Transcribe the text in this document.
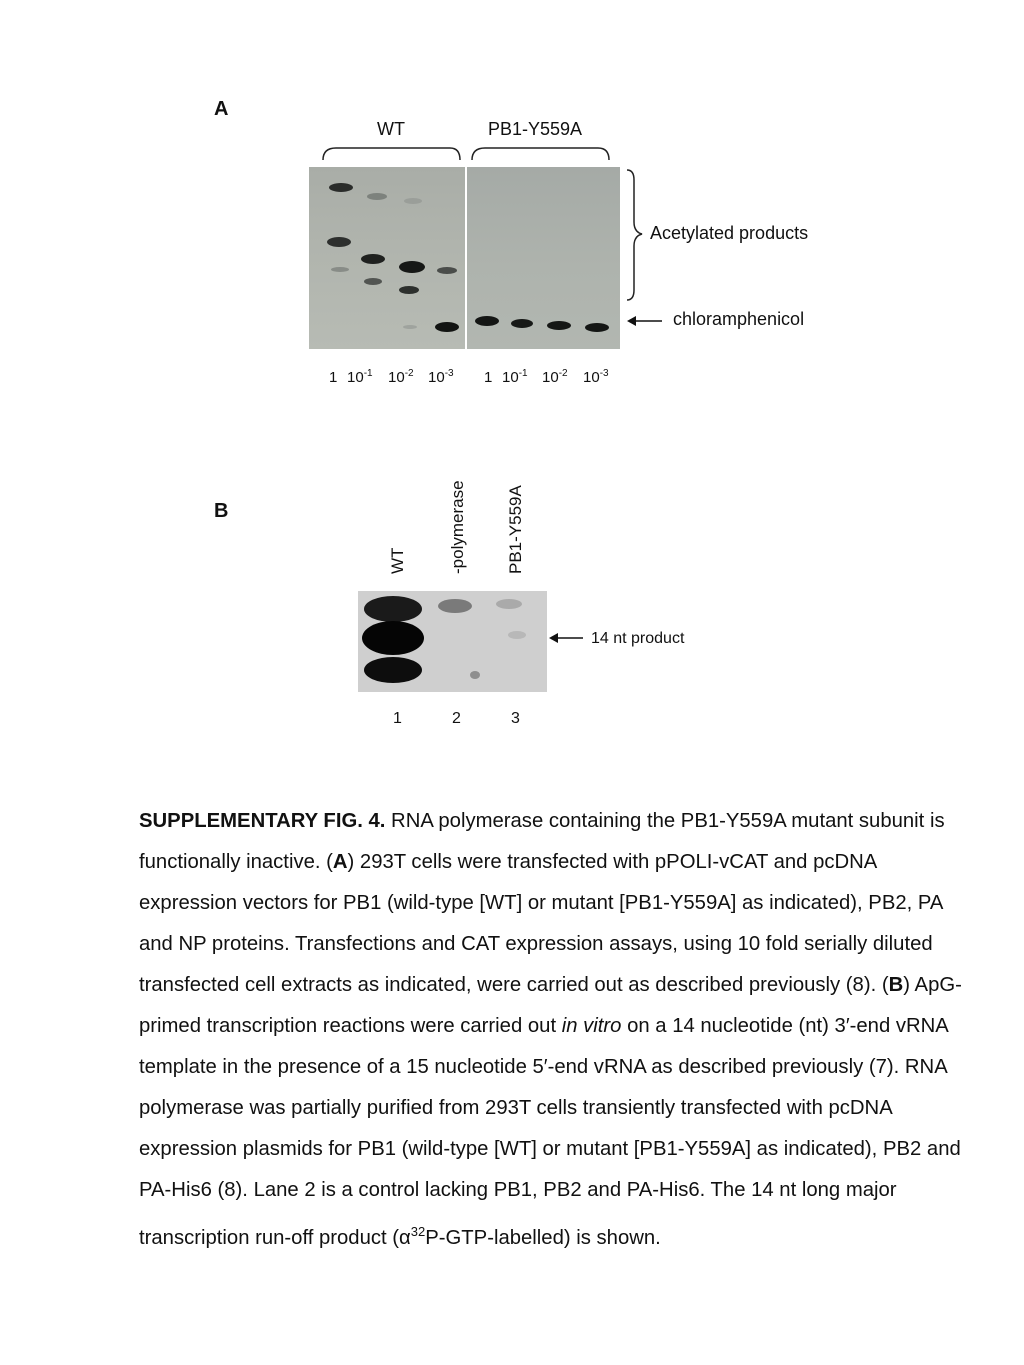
A
WT	PB1-Y559A
Acetylated products
chloramphenicol
1 $10^{-1}$ $10^{-2}$ $10^{-3}$ 1 $10^{-1}$ $10^{-2}$ $10^{-3}$
B
WT -polymerase PB1-Y559A
14 nt product
1	2	3
SUPPLEMENTARY FIG. 4. RNA polymerase containing the PB1-Y559A mutant subunit is functionally inactive. (A) 293T cells were transfected with pPOLI-vCAT and pcDNA expression vectors for PB1 (wild-type [WT] or mutant [PB1-Y559A] as indicated), PB2, PA and NP proteins. Transfections and CAT expression assays, using 10 fold serially diluted transfected cell extracts as indicated, were carried out as described previously (8). (B) ApG-primed transcription reactions were carried out in vitro on a 14 nucleotide (nt) 3′-end vRNA template in the presence of a 15 nucleotide 5′-end vRNA as described previously (7). RNA polymerase was partially purified from 293T cells transiently transfected with pcDNA expression plasmids for PB1 (wild-type [WT] or mutant [PB1-Y559A] as indicated), PB2 and PA-His6 (8). Lane 2 is a control lacking PB1, PB2 and PA-His6. The 14 nt long major transcription run-off product $(\alpha^{32}P-GTP-labelled)$ is shown.
